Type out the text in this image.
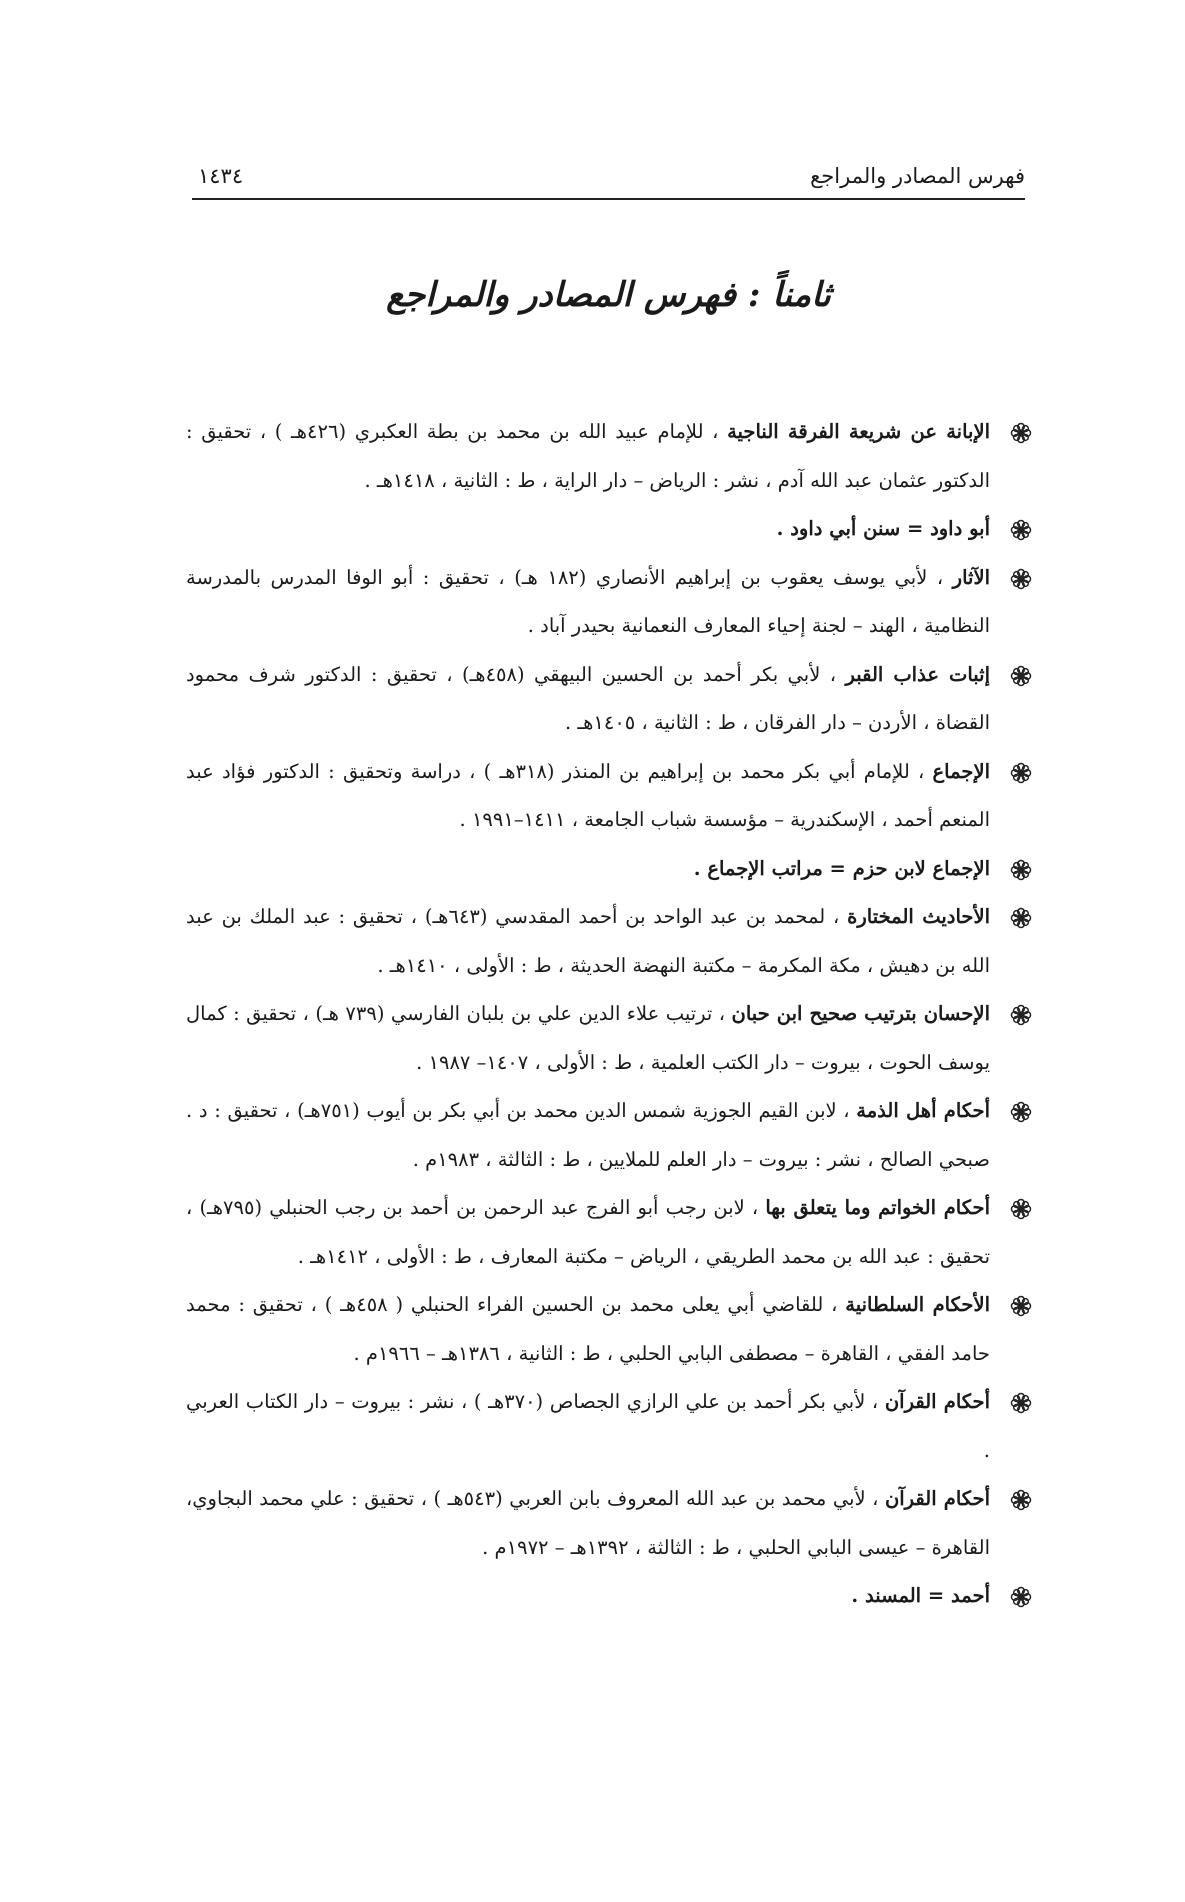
فهرس المصادر والمراجع
١٤٣٤
ثامناً : فهرس المصادر والمراجع
الإبانة عن شريعة الفرقة الناجية ، للإمام عبيد الله بن محمد بن بطة العكبري (٤٢٦هـ ) ، تحقيق : الدكتور عثمان عبد الله آدم ، نشر : الرياض – دار الراية ، ط : الثانية ، ١٤١٨هـ .
أبو داود = سنن أبي داود .
الآثار ، لأبي يوسف يعقوب بن إبراهيم الأنصاري (١٨٢ هـ) ، تحقيق : أبو الوفا المدرس بالمدرسة النظامية ، الهند – لجنة إحياء المعارف النعمانية بحيدر آباد .
إثبات عذاب القبر ، لأبي بكر أحمد بن الحسين البيهقي (٤٥٨هـ) ، تحقيق : الدكتور شرف محمود القضاة ، الأردن – دار الفرقان ، ط : الثانية ، ١٤٠٥هـ .
الإجماع ، للإمام أبي بكر محمد بن إبراهيم بن المنذر (٣١٨هـ ) ، دراسة وتحقيق : الدكتور فؤاد عبد المنعم أحمد ، الإسكندرية – مؤسسة شباب الجامعة ، ١٤١١–١٩٩١ .
الإجماع لابن حزم = مراتب الإجماع .
الأحاديث المختارة ، لمحمد بن عبد الواحد بن أحمد المقدسي (٦٤٣هـ) ، تحقيق : عبد الملك بن عبد الله بن دهيش ، مكة المكرمة – مكتبة النهضة الحديثة ، ط : الأولى ، ١٤١٠هـ .
الإحسان بترتيب صحيح ابن حبان ، ترتيب علاء الدين علي بن بلبان الفارسي (٧٣٩ هـ) ، تحقيق : كمال يوسف الحوت ، بيروت – دار الكتب العلمية ، ط : الأولى ، ١٤٠٧– ١٩٨٧ .
أحكام أهل الذمة ، لابن القيم الجوزية شمس الدين محمد بن أبي بكر بن أيوب (٧٥١هـ) ، تحقيق : د . صبحي الصالح ، نشر : بيروت – دار العلم للملايين ، ط : الثالثة ، ١٩٨٣م .
أحكام الخواتم وما يتعلق بها ، لابن رجب أبو الفرج عبد الرحمن بن أحمد بن رجب الحنبلي (٧٩٥هـ) ، تحقيق : عبد الله بن محمد الطريقي ، الرياض – مكتبة المعارف ، ط : الأولى ، ١٤١٢هـ .
الأحكام السلطانية ، للقاضي أبي يعلى محمد بن الحسين الفراء الحنبلي ( ٤٥٨هـ ) ، تحقيق : محمد حامد الفقي ، القاهرة – مصطفى البابي الحلبي ، ط : الثانية ، ١٣٨٦هـ – ١٩٦٦م .
أحكام القرآن ، لأبي بكر أحمد بن علي الرازي الجصاص (٣٧٠هـ ) ، نشر : بيروت – دار الكتاب العربي .
أحكام القرآن ، لأبي محمد بن عبد الله المعروف بابن العربي (٥٤٣هـ ) ، تحقيق : علي محمد البجاوي، القاهرة – عيسى البابي الحلبي ، ط : الثالثة ، ١٣٩٢هـ – ١٩٧٢م .
أحمد = المسند .
